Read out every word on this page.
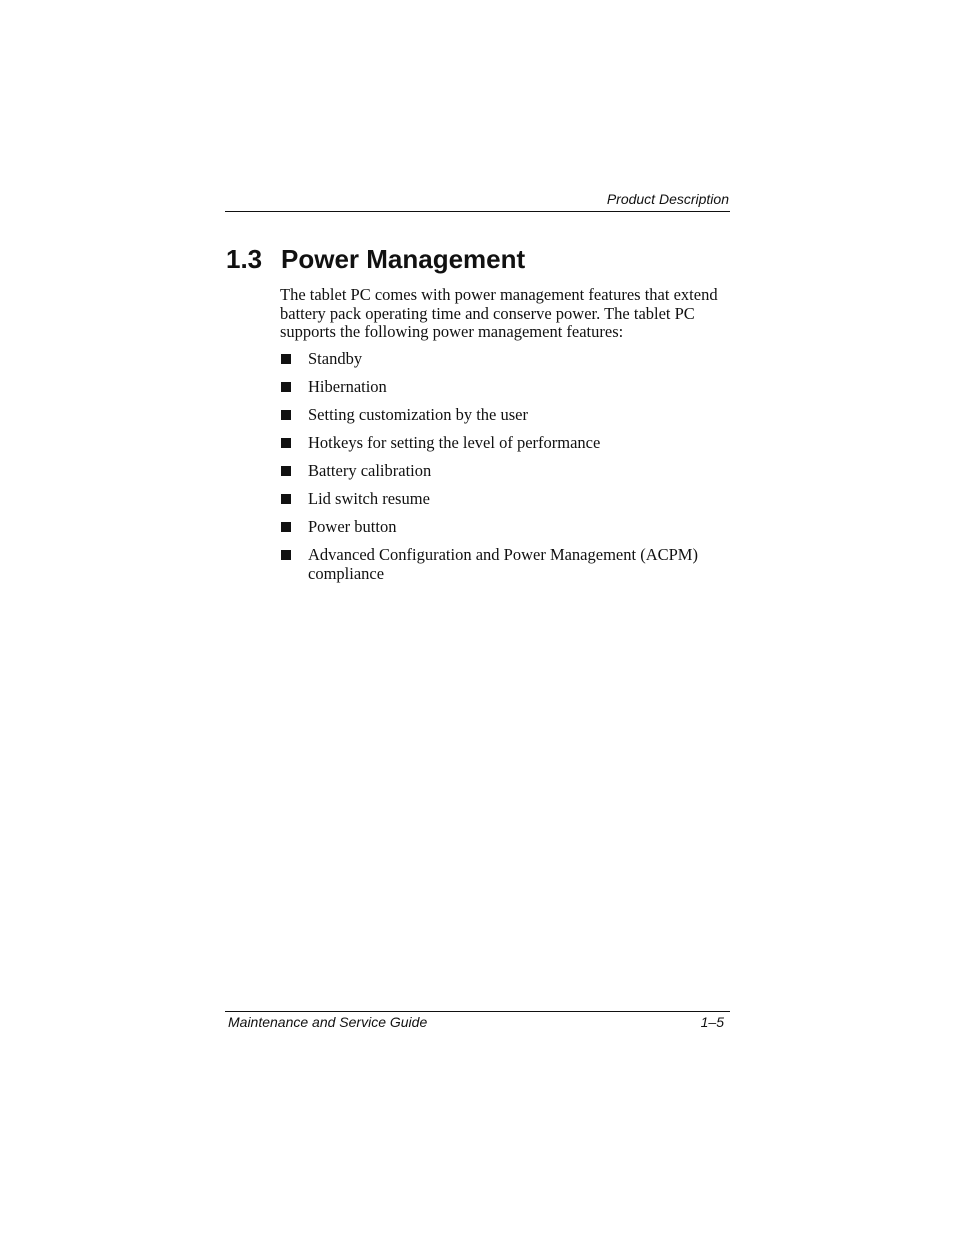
Product Description
1.3 Power Management

The tablet PC comes with power management features that extend battery pack operating time and conserve power. The tablet PC supports the following power management features:

Standby
Hibernation
Setting customization by the user
Hotkeys for setting the level of performance
Battery calibration
Lid switch resume
Power button
Advanced Configuration and Power Management (ACPM) compliance
Maintenance and Service Guide	1–5
